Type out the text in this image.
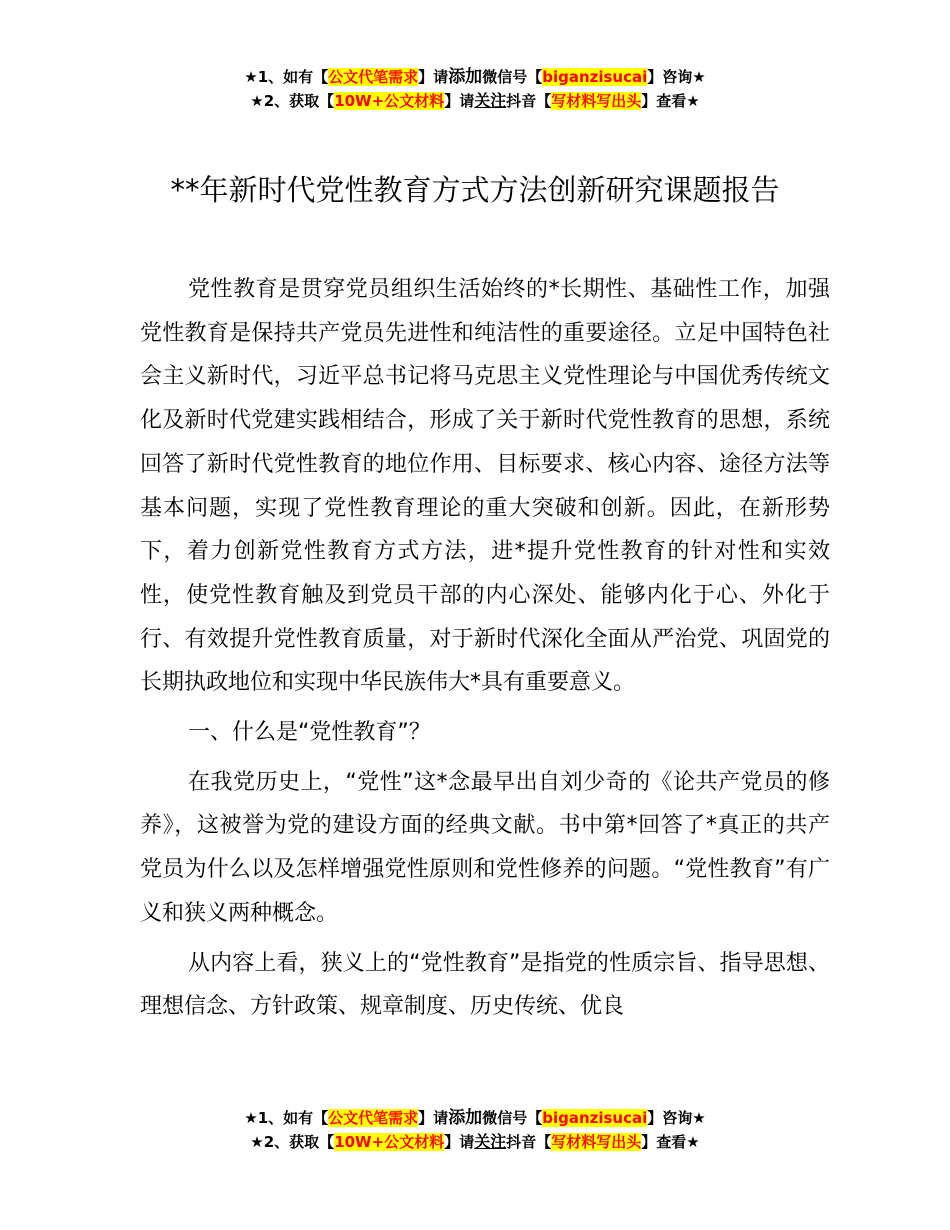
★1、如有【公文代笔需求】请添加微信号【biganzisucai】咨询★
★2、获取【10W+公文材料】请关注抖音【写材料写出头】查看★
**年新时代党性教育方式方法创新研究课题报告

党性教育是贯穿党员组织生活始终的*长期性、基础性工作，加强党性教育是保持共产党员先进性和纯洁性的重要途径。立足中国特色社会主义新时代，习近平总书记将马克思主义党性理论与中国优秀传统文化及新时代党建实践相结合，形成了关于新时代党性教育的思想，系统回答了新时代党性教育的地位作用、目标要求、核心内容、途径方法等基本问题，实现了党性教育理论的重大突破和创新。因此，在新形势下，着力创新党性教育方式方法，进*提升党性教育的针对性和实效性，使党性教育触及到党员干部的内心深处、能够内化于心、外化于行、有效提升党性教育质量，对于新时代深化全面从严治党、巩固党的长期执政地位和实现中华民族伟大*具有重要意义。

一、什么是“党性教育”？

在我党历史上，“党性”这*念最早出自刘少奇的《论共产党员的修养》，这被誉为党的建设方面的经典文献。书中第*回答了*真正的共产党员为什么以及怎样增强党性原则和党性修养的问题。“党性教育”有广义和狭义两种概念。

从内容上看，狭义上的“党性教育”是指党的性质宗旨、指导思想、理想信念、方针政策、规章制度、历史传统、优良

★1、如有【公文代笔需求】请添加微信号【biganzisucai】咨询★
★2、获取【10W+公文材料】请关注抖音【写材料写出头】查看★
